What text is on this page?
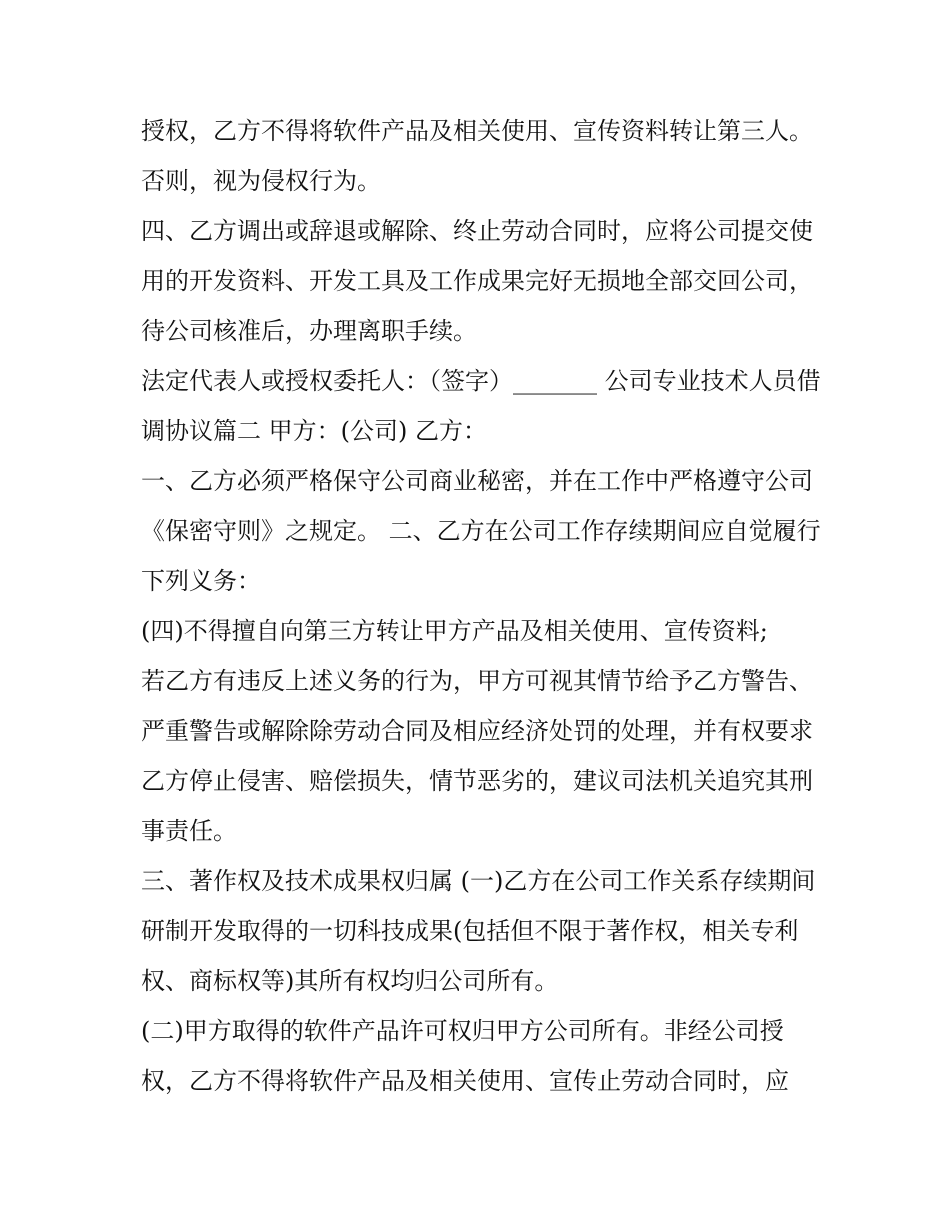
授权，乙方不得将软件产品及相关使用、宣传资料转让第三人。否则，视为侵权行为。

四、乙方调出或辞退或解除、终止劳动合同时，应将公司提交使用的开发资料、开发工具及工作成果完好无损地全部交回公司，待公司核准后，办理离职手续。

法定代表人或授权委托人：（签字）_______ 公司专业技术人员借调协议篇二 甲方：(公司) 乙方：

一、乙方必须严格保守公司商业秘密，并在工作中严格遵守公司《保密守则》之规定。 二、乙方在公司工作存续期间应自觉履行下列义务：

(四)不得擅自向第三方转让甲方产品及相关使用、宣传资料;

若乙方有违反上述义务的行为，甲方可视其情节给予乙方警告、严重警告或解除除劳动合同及相应经济处罚的处理，并有权要求乙方停止侵害、赔偿损失，情节恶劣的，建议司法机关追究其刑事责任。

三、著作权及技术成果权归属 (一)乙方在公司工作关系存续期间研制开发取得的一切科技成果(包括但不限于著作权，相关专利权、商标权等)其所有权均归公司所有。

(二)甲方取得的软件产品许可权归甲方公司所有。非经公司授权，乙方不得将软件产品及相关使用、宣传止劳动合同时，应
